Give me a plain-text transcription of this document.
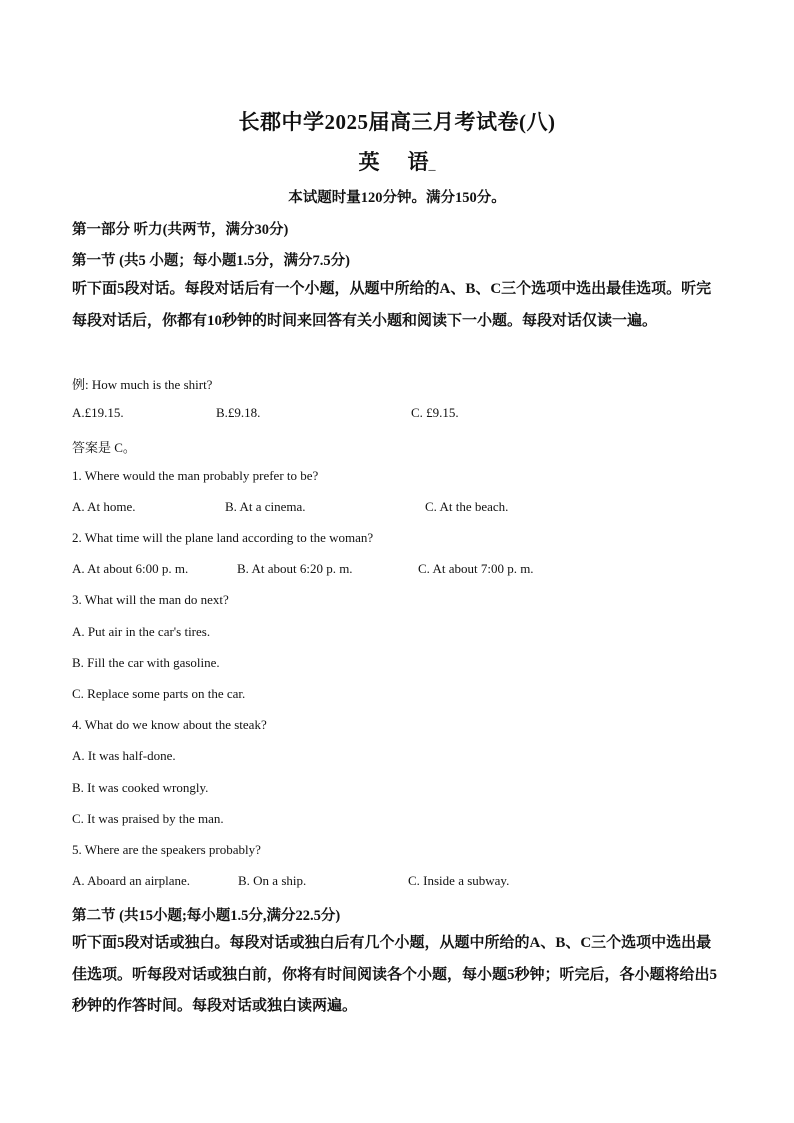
长郡中学2025届高三月考试卷(八)
英 语_
本试题时量120分钟。满分150分。
第一部分 听力(共两节，满分30分)
第一节 (共5 小题；每小题1.5分，满分7.5分)
听下面5段对话。每段对话后有一个小题，从题中所给的A、B、C三个选项中选出最佳选项。听完每段对话后，你都有10秒钟的时间来回答有关小题和阅读下一小题。每段对话仅读一遍。
例: How much is the shirt?
A.£19.15.	B.£9.18.	C. £9.15.
答案是 C。
1. Where would the man probably prefer to be?
A. At home.	B. At a cinema.	C. At the beach.
2. What time will the plane land according to the woman?
A. At about 6:00 p. m.	B. At about 6:20 p. m.	C. At about 7:00 p. m.
3. What will the man do next?
A. Put air in the car's tires.
B. Fill the car with gasoline.
C. Replace some parts on the car.
4. What do we know about the steak?
A. It was half-done.
B. It was cooked wrongly.
C. It was praised by the man.
5. Where are the speakers probably?
A. Aboard an airplane.	B. On a ship.	C. Inside a subway.
第二节 (共15小题;每小题1.5分,满分22.5分)
听下面5段对话或独白。每段对话或独白后有几个小题，从题中所给的A、B、C三个选项中选出最佳选项。听每段对话或独白前，你将有时间阅读各个小题，每小题5秒钟；听完后，各小题将给出5秒钟的作答时间。每段对话或独白读两遍。
